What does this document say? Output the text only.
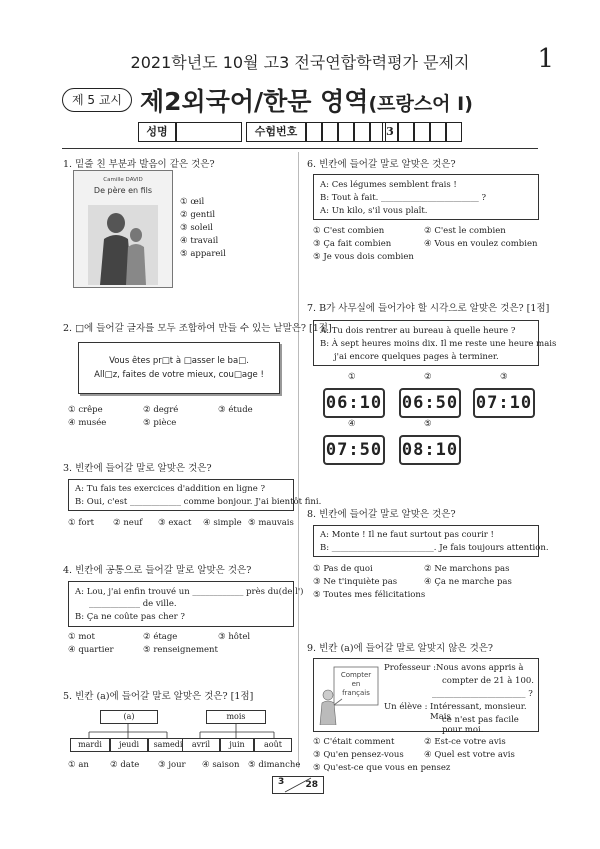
2021학년도 10월 고3 전국연합학력평가 문제지	1
제 5 교시 제2외국어/한문 영역(프랑스어 Ⅰ)
성명	수험번호	3
1. 밑줄 친 부분과 발음이 같은 것은?
Camille DAVID
De père en fils
① œil
② gentil
③ soleil
④ travail
⑤ appareil
2. □에 들어갈 글자를 모두 조합하여 만들 수 있는 낱말은? [1점]
Vous êtes pr□t à □asser le ba□.
All□z, faites de votre mieux, cou□age !
① crêpe	② degré	③ étude
④ musée	⑤ pièce
3. 빈칸에 들어갈 말로 알맞은 것은?
A: Tu fais tes exercices d'addition en ligne ?
B: Oui, c'est ____________ comme bonjour. J'ai bientôt fini.
① fort ② neuf ③ exact ④ simple ⑤ mauvais
4. 빈칸에 공통으로 들어갈 말로 알맞은 것은?
A: Lou, j'ai enfin trouvé un ____________ près du(de l')
____________ de ville.
B: Ça ne coûte pas cher ?
① mot	② étage	③ hôtel
④ quartier	⑤ renseignement
5. 빈칸 (a)에 들어갈 말로 알맞은 것은? [1점]
(a)	mois
mardi	jeudi	samedi	avril	juin	août
① an ② date ③ jour ④ saison ⑤ dimanche
6. 빈칸에 들어갈 말로 알맞은 것은?
A: Ces légumes semblent frais !
B: Tout à fait. _______________________ ?
A: Un kilo, s'il vous plaît.
① C'est combien	② C'est le combien
③ Ça fait combien	④ Vous en voulez combien
⑤ Je vous dois combien
7. B가 사무실에 들어가야 할 시각으로 알맞은 것은? [1점]
A: Tu dois rentrer au bureau à quelle heure ?
B: À sept heures moins dix. Il me reste une heure mais
j'ai encore quelques pages à terminer.
①
06:10
②
06:50
③
07:10
④
07:50
⑤
08:10
8. 빈칸에 들어갈 말로 알맞은 것은?
A: Monte ! Il ne faut surtout pas courir !
B: ________________________. Je fais toujours attention.
① Pas de quoi	② Ne marchons pas
③ Ne t'inquiète pas	④ Ça ne marche pas
⑤ Toutes mes félicitations
9. 빈칸 (a)에 들어갈 말로 알맞지 않은 것은?
Compter
en
français
Professeur : Nous avons appris à
compter de 21 à 100.
______________________ ?
Un élève : Intéressant, monsieur. Mais
ce n'est pas facile pour moi.
① C'était comment	② Est-ce votre avis
③ Qu'en pensez-vous ④ Quel est votre avis
⑤ Qu'est-ce que vous en pensez
3 28
